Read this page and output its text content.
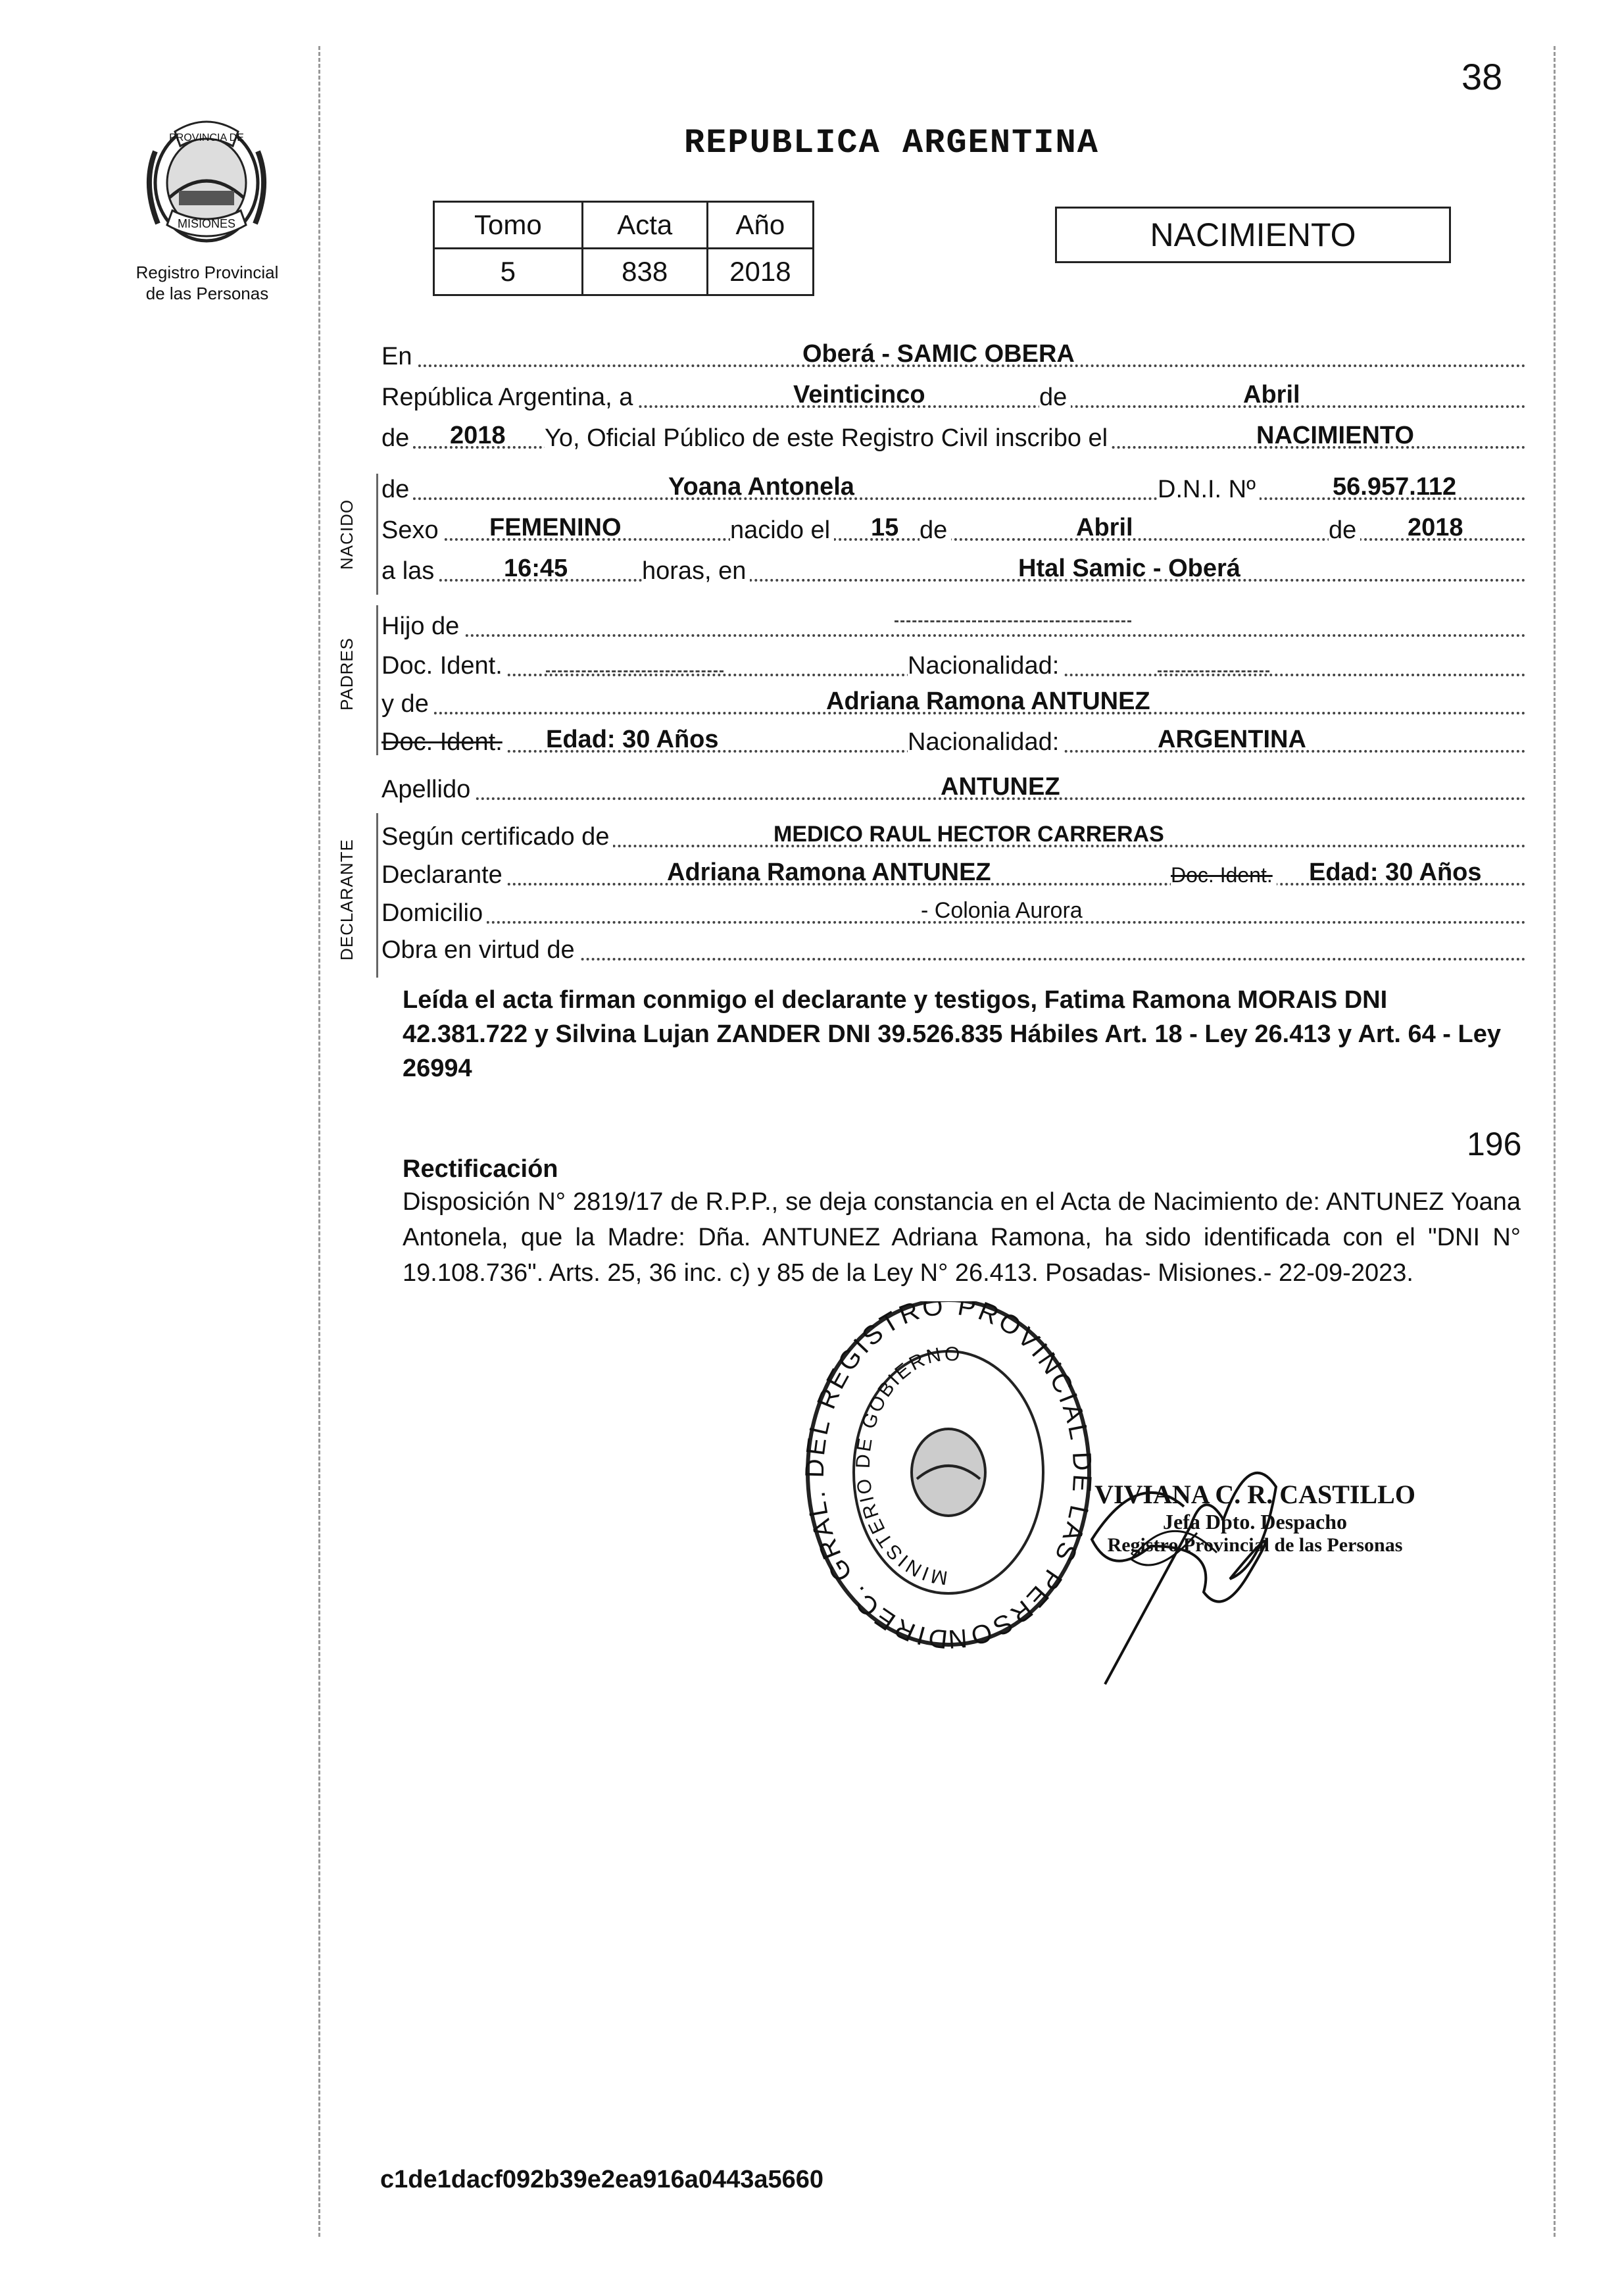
38
PROVINCIA DE
MISIONES
Registro Provincial
de las Personas
REPUBLICA ARGENTINA
Tomo	Acta	Año
5	838	2018
NACIMIENTO
En	Oberá - SAMIC OBERA
República Argentina, a	Veinticinco	de	Abril
de 2018 Yo, Oficial Público de este Registro Civil inscribo el	NACIMIENTO
NACIDO
de	Yoana Antonela	D.N.I. Nº	56.957.112
Sexo FEMENINO	nacido el 15 de	Abril	de 2018
a las	16:45	horas, en	Htal Samic - Oberá
PADRES
Hijo de
Doc. Ident.	Nacionalidad:
y de	Adriana Ramona ANTUNEZ
Doc. Ident. Edad: 30 Años	Nacionalidad:	ARGENTINA
Apellido	ANTUNEZ
DECLARANTE
Según certificado de	MEDICO RAUL HECTOR CARRERAS
Declarante	Adriana Ramona ANTUNEZ	Doc. Ident. Edad: 30 Años
Domicilio	- Colonia Aurora
Obra en virtud de
Leída el acta firman conmigo el declarante y testigos, Fatima Ramona MORAIS DNI 42.381.722 y Silvina Lujan ZANDER DNI 39.526.835 Hábiles Art. 18 - Ley 26.413 y Art. 64 - Ley 26994
196
Rectificación
Disposición N° 2819/17 de R.P.P., se deja constancia en el Acta de Nacimiento de: ANTUNEZ Yoana Antonela, que la Madre: Dña. ANTUNEZ Adriana Ramona, ha sido identificada con el "DNI N° 19.108.736". Arts. 25, 36 inc. c) y 85 de la Ley N° 26.413. Posadas- Misiones.- 22-09-2023.
DIREC. GRAL. DEL REGISTRO PROVINCIAL DE LAS PERSON
MINISTERIO DE GOBIERNO
VIVIANA C. R. CASTILLO
Jefa Dpto. Despacho
Registro Provincial de las Personas
c1de1dacf092b39e2ea916a0443a5660
